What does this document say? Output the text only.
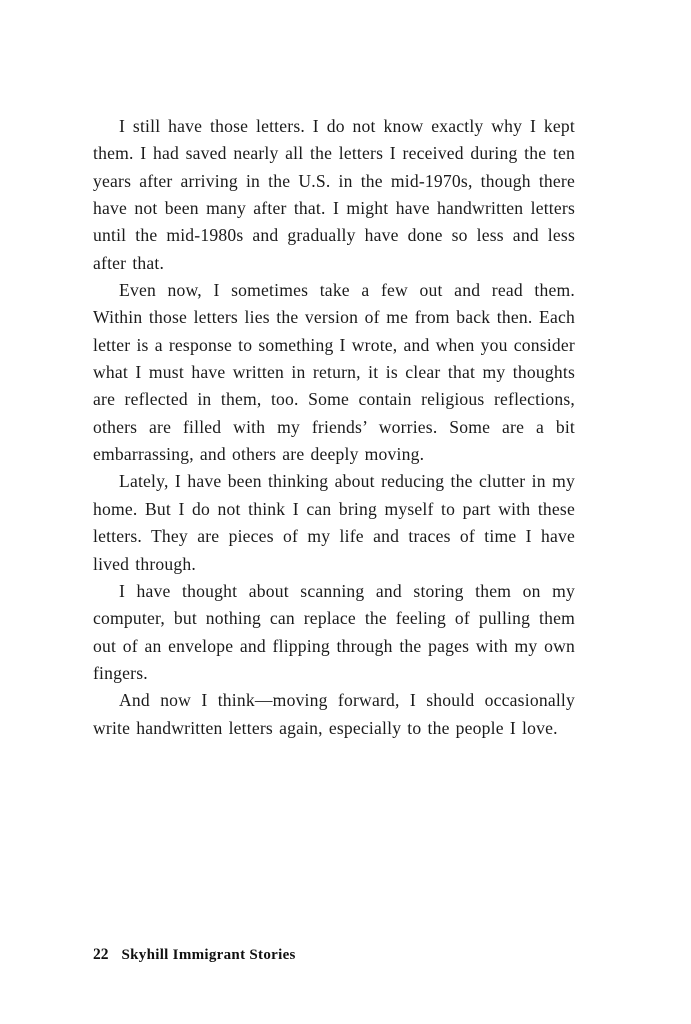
I still have those letters. I do not know exactly why I kept them. I had saved nearly all the letters I received during the ten years after arriving in the U.S. in the mid-1970s, though there have not been many after that. I might have handwritten letters until the mid-1980s and gradually have done so less and less after that.

Even now, I sometimes take a few out and read them. Within those letters lies the version of me from back then. Each letter is a response to something I wrote, and when you consider what I must have written in return, it is clear that my thoughts are reflected in them, too. Some contain religious reflections, others are filled with my friends’ worries. Some are a bit embarrassing, and others are deeply moving.

Lately, I have been thinking about reducing the clutter in my home. But I do not think I can bring myself to part with these letters. They are pieces of my life and traces of time I have lived through.

I have thought about scanning and storing them on my computer, but nothing can replace the feeling of pulling them out of an envelope and flipping through the pages with my own fingers.

And now I think—moving forward, I should occasionally write handwritten letters again, especially to the people I love.

22 Skyhill Immigrant Stories
